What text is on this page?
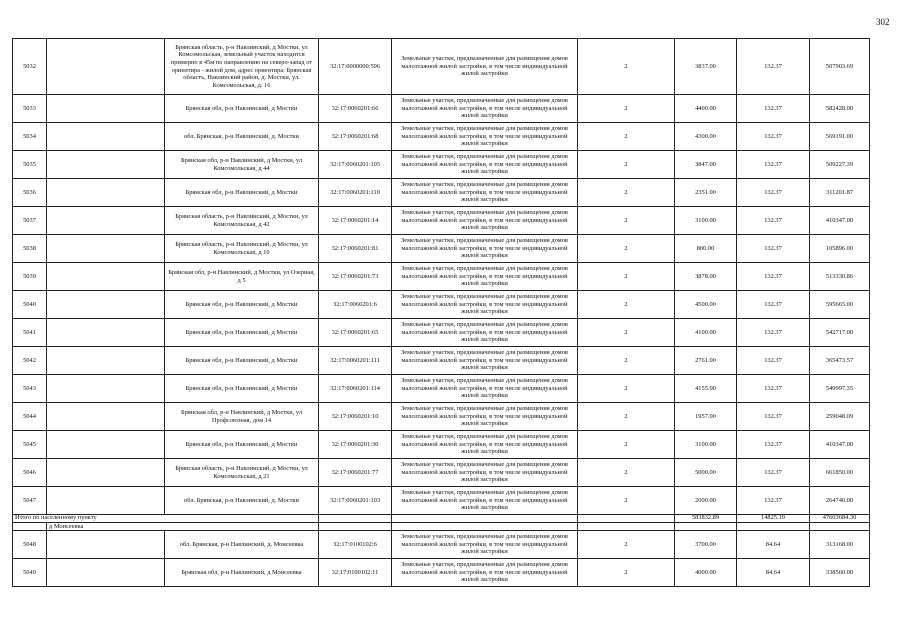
302
5032		Брянская область, р-н Навлинский, д Мостки, ул Комсомольская, земельный участок находится примерно в 45м по направлению на северо-запад от ориентира - жилой дом, адрес ориентира: Брянская область, Навлинский район, д. Мостки, ул. Комсомольская, д. 16	32:17:0000000:596	Земельные участки, предназначенные для размещения домов малоэтажной жилой застройки, в том числе индивидуальной жилой застройки	2	3837.00	132.37	507903.69
5033		Брянская обл, р-н Навлинский, д Мостки	32:17:0060201:66	Земельные участки, предназначенные для размещения домов малоэтажной жилой застройки, в том числе индивидуальной жилой застройки	2	4400.00	132.37	582428.00
5034		обл. Брянская, р-н Навлинский, д. Мостки	32:17:0060201:68	Земельные участки, предназначенные для размещения домов малоэтажной жилой застройки, в том числе индивидуальной жилой застройки	2	4300.00	132.37	569191.00
5035		Брянская обл, р-н Навлинский, д Мостки, ул Комсомольская, д 44	32:17:0060201:105	Земельные участки, предназначенные для размещения домов малоэтажной жилой застройки, в том числе индивидуальной жилой застройки	2	3847.00	132.37	509227.39
5036		Брянская обл, р-н Навлинский, д Мостки	32:17:0060201:110	Земельные участки, предназначенные для размещения домов малоэтажной жилой застройки, в том числе индивидуальной жилой застройки	2	2351.00	132.37	311201.87
5037		Брянская область, р-н Навлинский, д Мостки, ул Комсомольская, д 42	32:17:0060201:14	Земельные участки, предназначенные для размещения домов малоэтажной жилой застройки, в том числе индивидуальной жилой застройки	2	3100.00	132.37	410347.00
5038		Брянская область, р-н Навлинский, д Мостки, ул Комсомольская, д 10	32:17:0060201:81	Земельные участки, предназначенные для размещения домов малоэтажной жилой застройки, в том числе индивидуальной жилой застройки	2	800.00	132.37	105896.00
5039		Брянская обл, р-н Навлинский, д Мостки, ул Озерная, д 5	32:17:0060201:73	Земельные участки, предназначенные для размещения домов малоэтажной жилой застройки, в том числе индивидуальной жилой застройки	2	3878.00	132.37	513330.86
5040		Брянская обл, р-н Навлинский, д Мостки	32:17:0060201:6	Земельные участки, предназначенные для размещения домов малоэтажной жилой застройки, в том числе индивидуальной жилой застройки	2	4500.00	132.37	595665.00
5041		Брянская обл, р-н Навлинский, д Мостки	32:17:0060201:65	Земельные участки, предназначенные для размещения домов малоэтажной жилой застройки, в том числе индивидуальной жилой застройки	2	4100.00	132.37	542717.00
5042		Брянская обл, р-н Навлинский, д Мостки	32:17:0060201:111	Земельные участки, предназначенные для размещения домов малоэтажной жилой застройки, в том числе индивидуальной жилой застройки	2	2761.00	132.37	365473.57
5043		Брянская обл, р-н Навлинский, д Мостки	32:17:0060201:114	Земельные участки, предназначенные для размещения домов малоэтажной жилой застройки, в том числе индивидуальной жилой застройки	2	4155.00	132.37	549997.35
5044		Брянская обл, р-н Навлинский, д Мостки, ул Профсоюзная, дом 14	32:17:0060201:10	Земельные участки, предназначенные для размещения домов малоэтажной жилой застройки, в том числе индивидуальной жилой застройки	2	1957.00	132.37	259048.09
5045		Брянская обл, р-н Навлинский, д Мостки	32:17:0060201:30	Земельные участки, предназначенные для размещения домов малоэтажной жилой застройки, в том числе индивидуальной жилой застройки	2	3100.00	132.37	410347.00
5046		Брянская область, р-н Навлинский, д Мостки, ул Комсомольская, д 21	32:17:0060201:77	Земельные участки, предназначенные для размещения домов малоэтажной жилой застройки, в том числе индивидуальной жилой застройки	2	5000.00	132.37	661850.00
5047		обл. Брянская, р-н Навлинский, д. Мостки	32:17:0060201:103	Земельные участки, предназначенные для размещения домов малоэтажной жилой застройки, в том числе индивидуальной жилой застройки	2	2000.00	132.37	264740.00
Итого по населенному пункту						583832.89	14825.19	47603684.30
	д Моисеевка							
5048		обл. Брянская, р-н Навлинский, д. Моисеевка	32:17:0100102:6	Земельные участки, предназначенные для размещения домов малоэтажной жилой застройки, в том числе индивидуальной жилой застройки	2	3700.00	84.64	313168.00
5049		Брянская обл, р-н Навлинский, д Моисеевка	32:17:0100102:11	Земельные участки, предназначенные для размещения домов малоэтажной жилой застройки, в том числе индивидуальной жилой застройки	2	4000.00	84.64	338560.00
